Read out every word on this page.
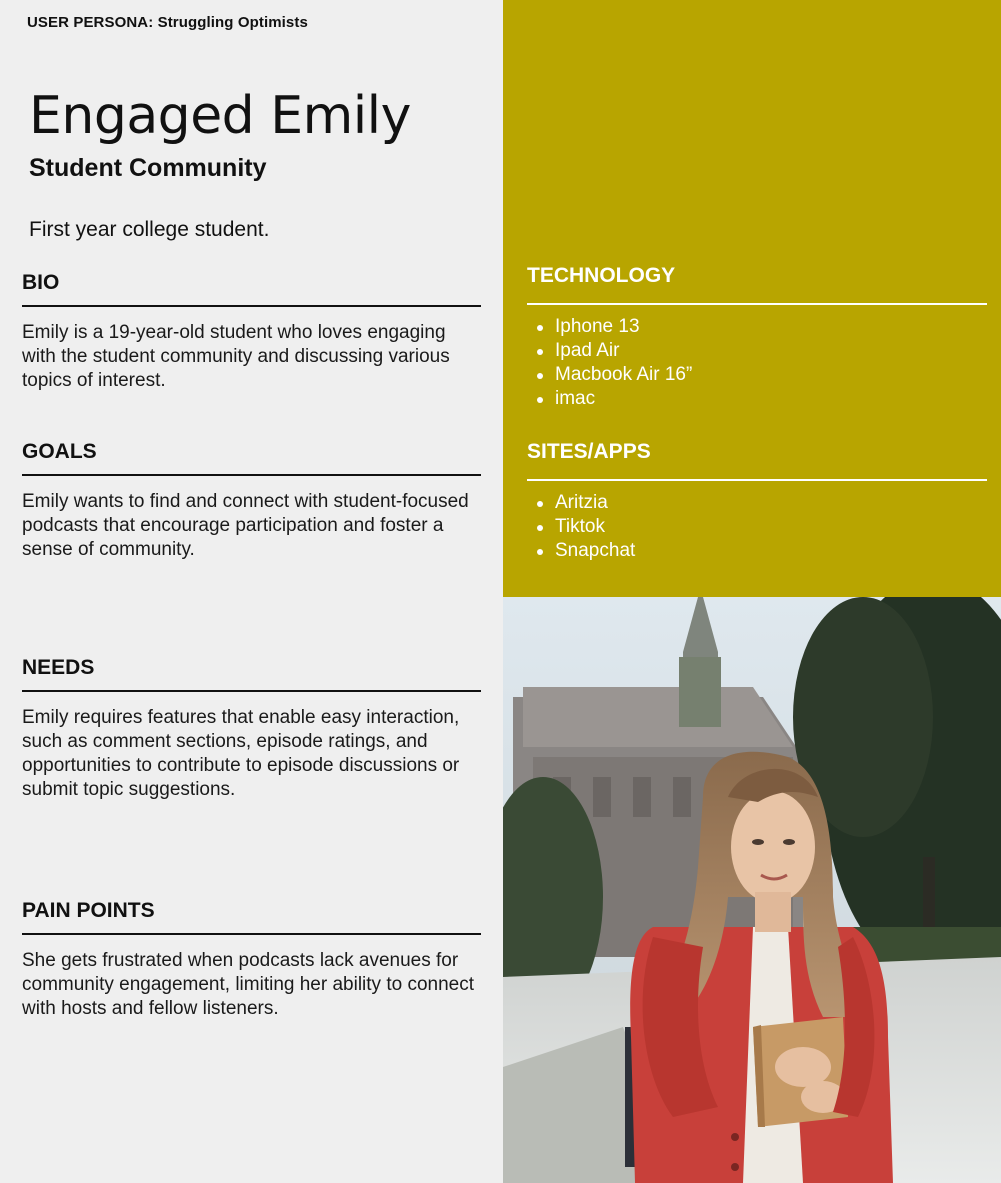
USER PERSONA: Struggling Optimists
Engaged Emily
Student Community
First year college student.
BIO

Emily is a 19-year-old student who loves engaging with the student community and discussing various topics of interest.

GOALS

Emily wants to find and connect with student-focused podcasts that encourage participation and foster a sense of community.

NEEDS

Emily requires features that enable easy interaction, such as comment sections, episode ratings, and opportunities to contribute to episode discussions or submit topic suggestions.

PAIN POINTS

She gets frustrated when podcasts lack avenues for community engagement, limiting her ability to connect with hosts and fellow listeners.

TECHNOLOGY
Iphone 13
Ipad Air
Macbook Air 16”
imac
SITES/APPS
Aritzia
Tiktok
Snapchat
